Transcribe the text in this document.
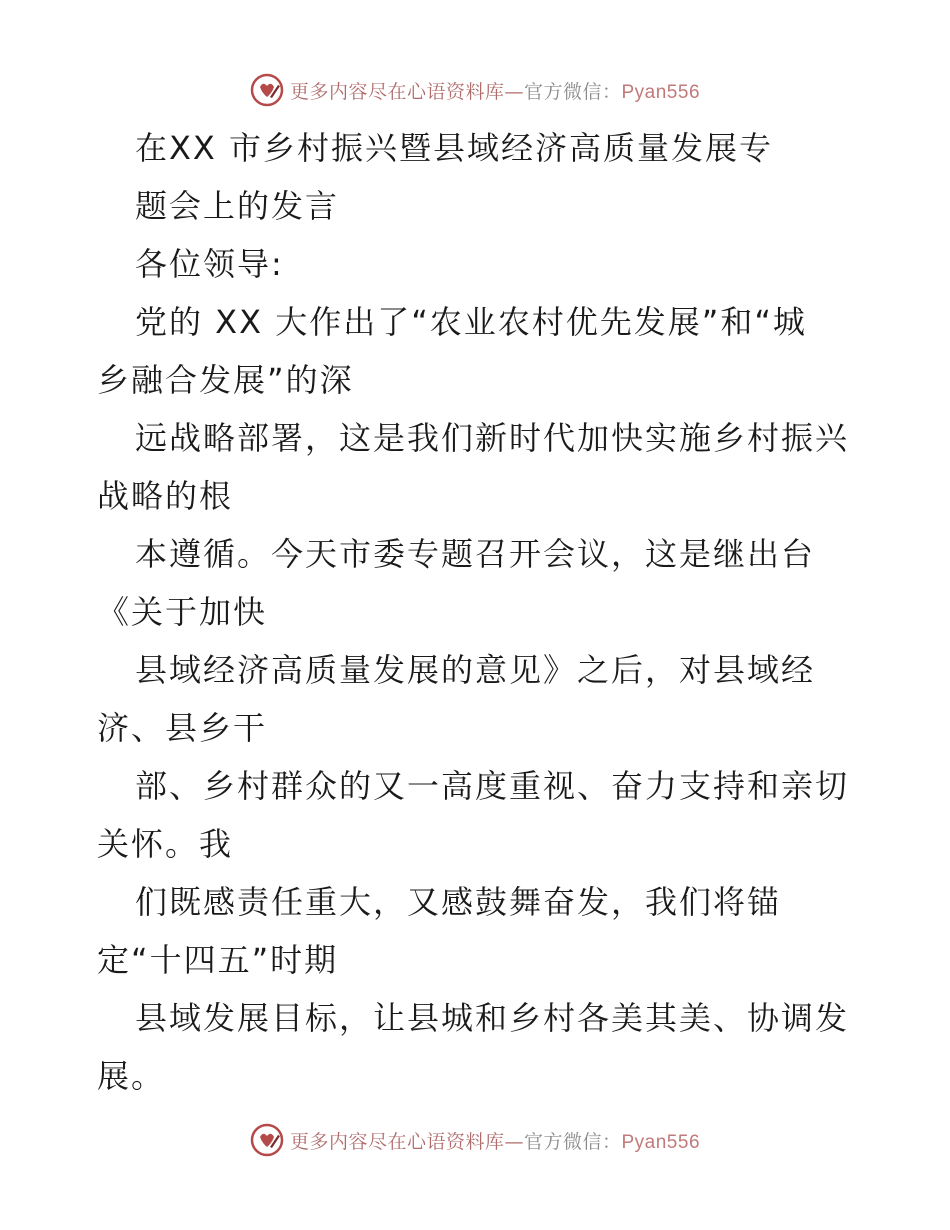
更多内容尽在心语资料库—官方微信：Pyan556
在XX 市乡村振兴暨县域经济高质量发展专
题会上的发言
各位领导:
党的 XX 大作出了“农业农村优先发展”和“城
乡融合发展”的深
远战略部署，这是我们新时代加快实施乡村振兴
战略的根
本遵循。今天市委专题召开会议，这是继出台
《关于加快
县域经济高质量发展的意见》之后，对县域经
济、县乡干
部、乡村群众的又一高度重视、奋力支持和亲切
关怀。我
们既感责任重大，又感鼓舞奋发，我们将锚
定“十四五”时期
县域发展目标，让县城和乡村各美其美、协调发
展。
更多内容尽在心语资料库—官方微信：Pyan556
